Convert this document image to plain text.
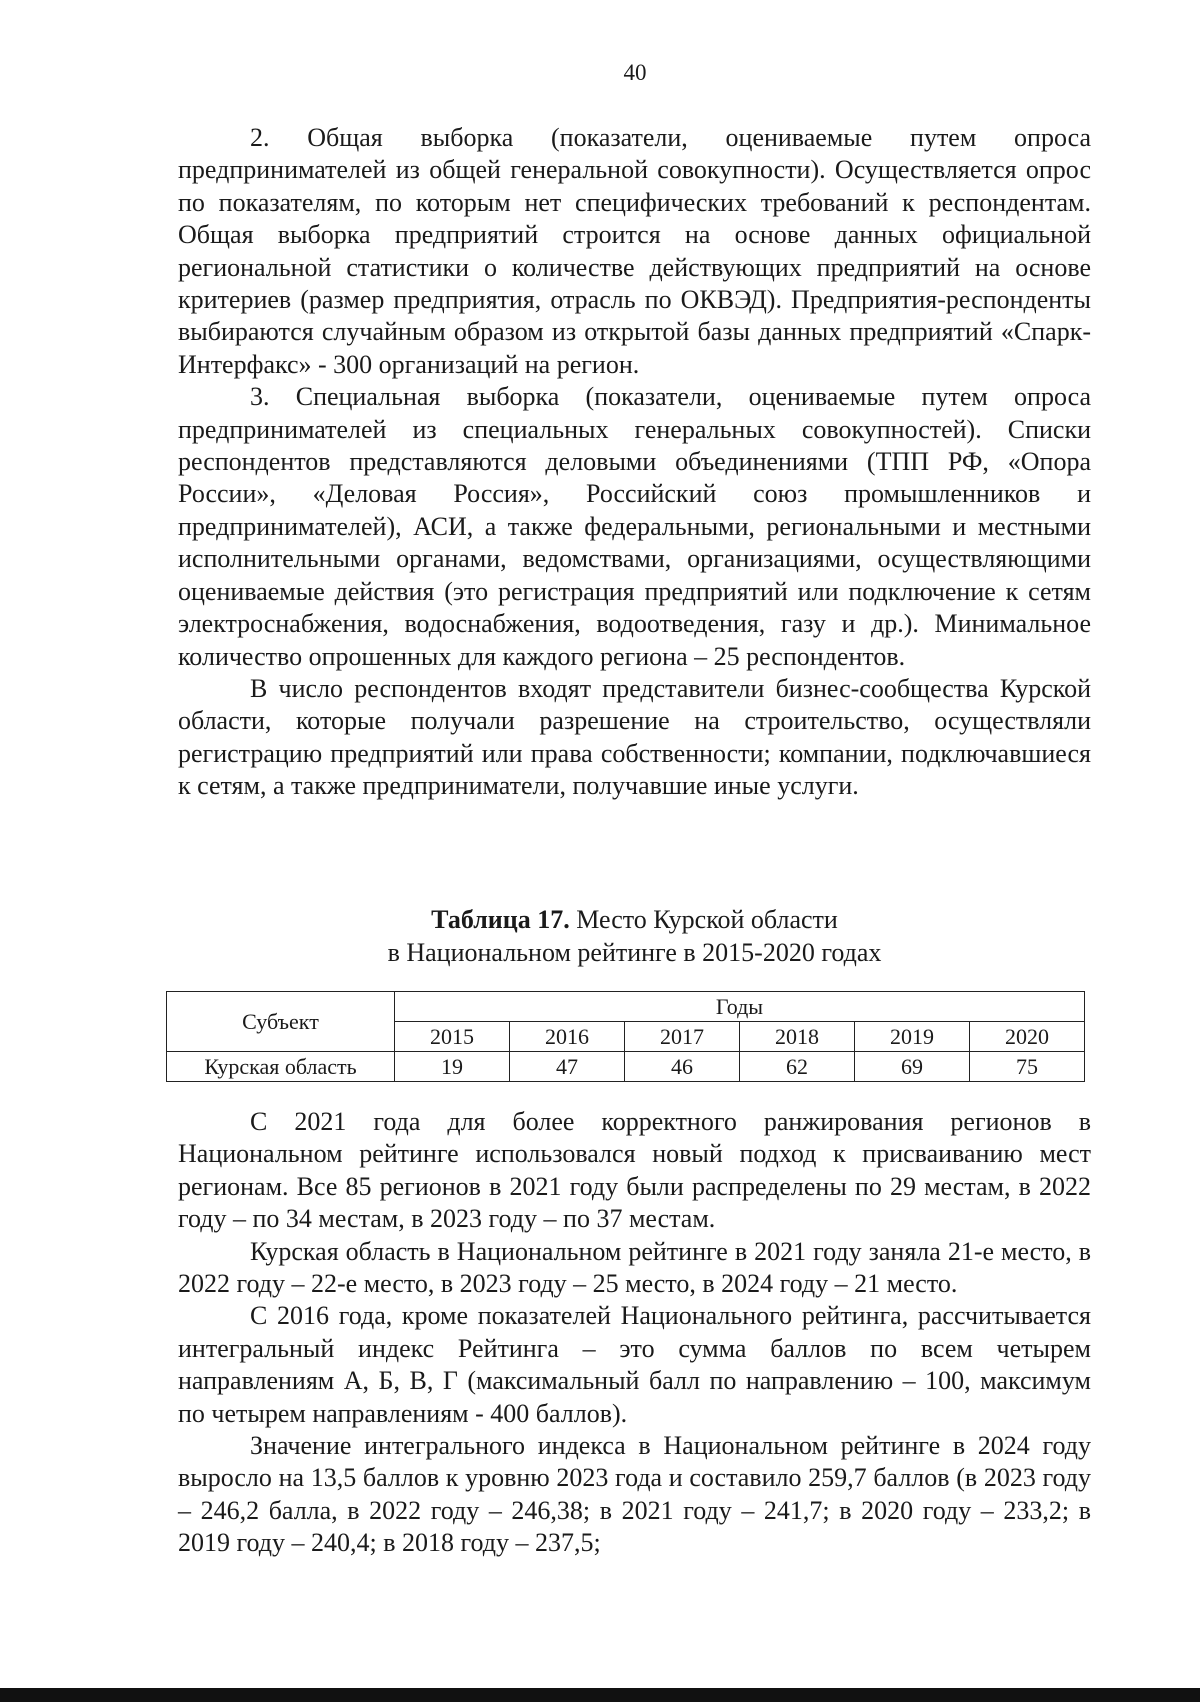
40

2. Общая выборка (показатели, оцениваемые путем опроса предпринимателей из общей генеральной совокупности). Осуществляется опрос по показателям, по которым нет специфических требований к респондентам. Общая выборка предприятий строится на основе данных официальной региональной статистики о количестве действующих предприятий на основе критериев (размер предприятия, отрасль по ОКВЭД). Предприятия-респонденты выбираются случайным образом из открытой базы данных предприятий «Спарк-Интерфакс» - 300 организаций на регион.

3. Специальная выборка (показатели, оцениваемые путем опроса предпринимателей из специальных генеральных совокупностей). Списки респондентов представляются деловыми объединениями (ТПП РФ, «Опора России», «Деловая Россия», Российский союз промышленников и предпринимателей), АСИ, а также федеральными, региональными и местными исполнительными органами, ведомствами, организациями, осуществляющими оцениваемые действия (это регистрация предприятий или подключение к сетям электроснабжения, водоснабжения, водоотведения, газу и др.). Минимальное количество опрошенных для каждого региона – 25 респондентов.

В число респондентов входят представители бизнес-сообщества Курской области, которые получали разрешение на строительство, осуществляли регистрацию предприятий или права собственности; компании, подключавшиеся к сетям, а также предприниматели, получавшие иные услуги.

Таблица 17. Место Курской области
в Национальном рейтинге в 2015-2020 годах
Субъект	Годы					
	2015	2016	2017	2018	2019	2020
Курская область	19	47	46	62	69	75

С 2021 года для более корректного ранжирования регионов в Национальном рейтинге использовался новый подход к присваиванию мест регионам. Все 85 регионов в 2021 году были распределены по 29 местам, в 2022 году – по 34 местам, в 2023 году – по 37 местам.

Курская область в Национальном рейтинге в 2021 году заняла 21-е место, в 2022 году – 22-е место, в 2023 году – 25 место, в 2024 году – 21 место.

С 2016 года, кроме показателей Национального рейтинга, рассчитывается интегральный индекс Рейтинга – это сумма баллов по всем четырем направлениям А, Б, В, Г (максимальный балл по направлению – 100, максимум по четырем направлениям - 400 баллов).

Значение интегрального индекса в Национальном рейтинге в 2024 году выросло на 13,5 баллов к уровню 2023 года и составило 259,7 баллов (в 2023 году – 246,2 балла, в 2022 году – 246,38; в 2021 году – 241,7; в 2020 году – 233,2; в 2019 году – 240,4; в 2018 году – 237,5;
